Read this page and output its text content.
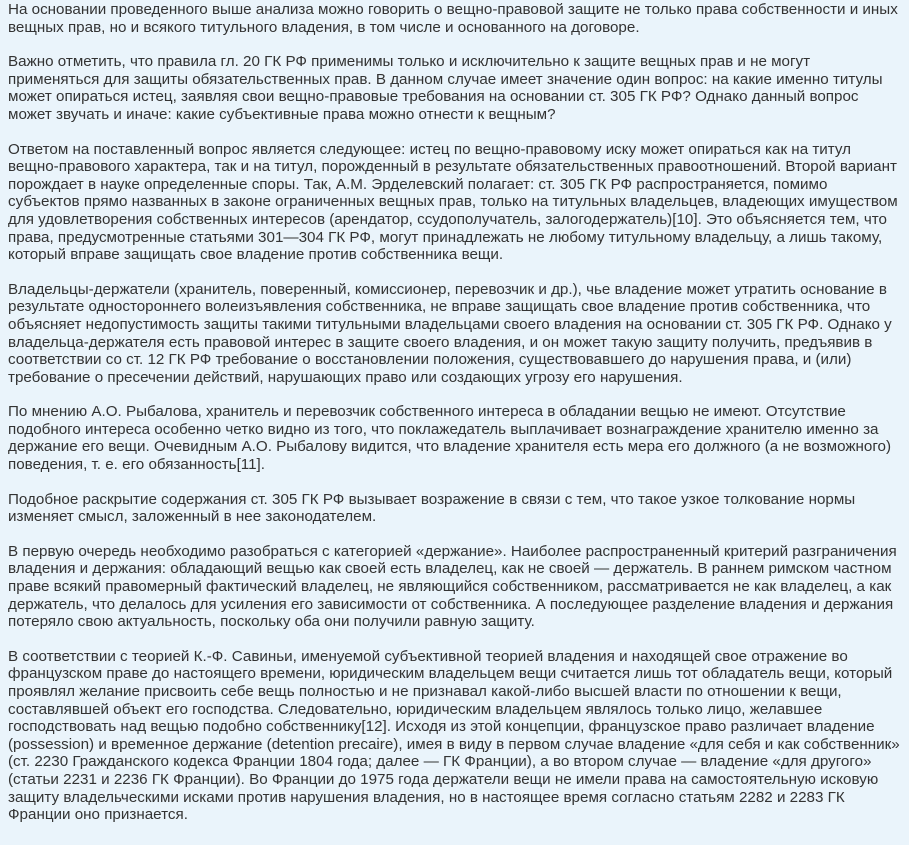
На основании проведенного выше анализа можно говорить о вещно-правовой защите не только права собственности и иных вещных прав, но и всякого титульного владения, в том числе и основанного на договоре.

Важно отметить, что правила гл. 20 ГК РФ применимы только и исключительно к защите вещных прав и не могут применяться для защиты обязательственных прав. В данном случае имеет значение один вопрос: на какие именно титулы может опираться истец, заявляя свои вещно-правовые требования на основании ст. 305 ГК РФ? Однако данный вопрос может звучать и иначе: какие субъективные права можно отнести к вещным?

Ответом на поставленный вопрос является следующее: истец по вещно-правовому иску может опираться как на титул вещно-правового характера, так и на титул, порожденный в результате обязательственных правоотношений. Второй вариант порождает в науке определенные споры. Так, А.М. Эрделевский полагает: ст. 305 ГК РФ распространяется, помимо субъектов прямо названных в законе ограниченных вещных прав, только на титульных владельцев, владеющих имуществом для удовлетворения собственных интересов (арендатор, ссудополучатель, залогодержатель)[10]. Это объясняется тем, что права, предусмотренные статьями 301—304 ГК РФ, могут принадлежать не любому титульному владельцу, а лишь такому, который вправе защищать свое владение против собственника вещи.

Владельцы-держатели (хранитель, поверенный, комиссионер, перевозчик и др.), чье владение может утратить основание в результате одностороннего волеизъявления собственника, не вправе защищать свое владение против собственника, что объясняет недопустимость защиты такими титульными владельцами своего владения на основании ст. 305 ГК РФ. Однако у владельца-держателя есть правовой интерес в защите своего владения, и он может такую защиту получить, предъявив в соответствии со ст. 12 ГК РФ требование о восстановлении положения, существовавшего до нарушения права, и (или) требование о пресечении действий, нарушающих право или создающих угрозу его нарушения.

По мнению А.О. Рыбалова, хранитель и перевозчик собственного интереса в обладании вещью не имеют. Отсутствие подобного интереса особенно четко видно из того, что поклажедатель выплачивает вознаграждение хранителю именно за держание его вещи. Очевидным А.О. Рыбалову видится, что владение хранителя есть мера его должного (а не возможного) поведения, т. е. его обязанность[11].

Подобное раскрытие содержания ст. 305 ГК РФ вызывает возражение в связи с тем, что такое узкое толкование нормы изменяет смысл, заложенный в нее законодателем.

В первую очередь необходимо разобраться с категорией «держание». Наиболее распространенный критерий разграничения владения и держания: обладающий вещью как своей есть владелец, как не своей — держатель. В раннем римском частном праве всякий правомерный фактический владелец, не являющийся собственником, рассматривается не как владелец, а как держатель, что делалось для усиления его зависимости от собственника. А последующее разделение владения и держания потеряло свою актуальность, поскольку оба они получили равную защиту.

В соответствии с теорией К.-Ф. Савиньи, именуемой субъективной теорией владения и находящей свое отражение во французском праве до настоящего времени, юридическим владельцем вещи считается лишь тот обладатель вещи, который проявлял желание присвоить себе вещь полностью и не признавал какой-либо высшей власти по отношении к вещи, составлявшей объект его господства. Следовательно, юридическим владельцем являлось только лицо, желавшее господствовать над вещью подобно собственнику[12]. Исходя из этой концепции, французское право различает владение (possession) и временное держание (detention precaire), имея в виду в первом случае владение «для себя и как собственник» (ст. 2230 Гражданского кодекса Франции 1804 года; далее — ГК Франции), а во втором случае — владение «для другого» (статьи 2231 и 2236 ГК Франции). Во Франции до 1975 года держатели вещи не имели права на самостоятельную исковую защиту владельческими исками против нарушения владения, но в настоящее время согласно статьям 2282 и 2283 ГК Франции оно признается.
